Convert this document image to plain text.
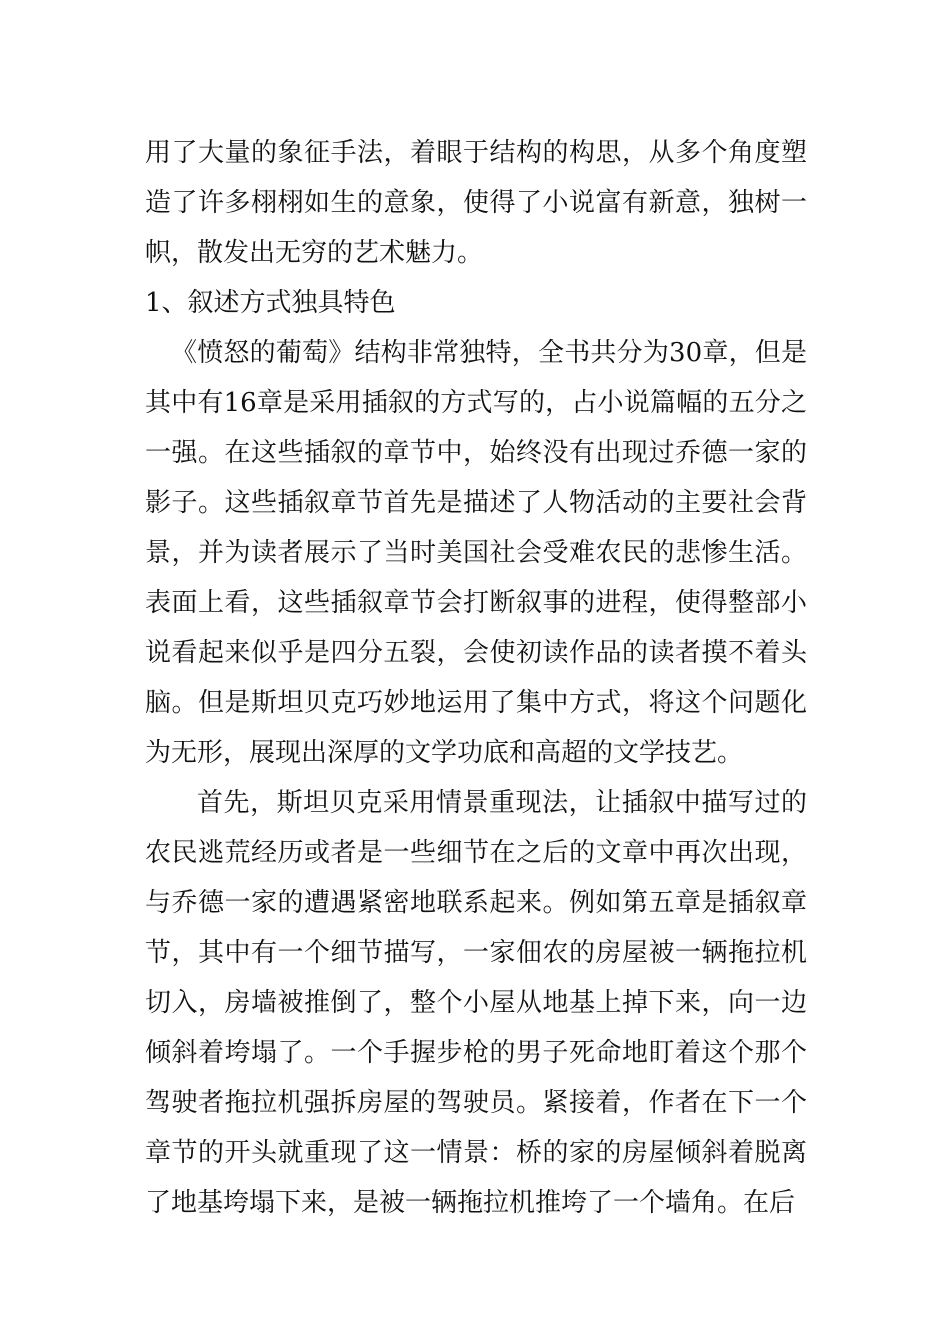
用了大量的象征手法，着眼于结构的构思，从多个角度塑造了许多栩栩如生的意象，使得了小说富有新意，独树一帜，散发出无穷的艺术魅力。

1、叙述方式独具特色

《愤怒的葡萄》结构非常独特，全书共分为30章，但是其中有16章是采用插叙的方式写的，占小说篇幅的五分之一强。在这些插叙的章节中，始终没有出现过乔德一家的影子。这些插叙章节首先是描述了人物活动的主要社会背景，并为读者展示了当时美国社会受难农民的悲惨生活。表面上看，这些插叙章节会打断叙事的进程，使得整部小说看起来似乎是四分五裂，会使初读作品的读者摸不着头脑。但是斯坦贝克巧妙地运用了集中方式，将这个问题化为无形，展现出深厚的文学功底和高超的文学技艺。

首先，斯坦贝克采用情景重现法，让插叙中描写过的农民逃荒经历或者是一些细节在之后的文章中再次出现，与乔德一家的遭遇紧密地联系起来。例如第五章是插叙章节，其中有一个细节描写，一家佃农的房屋被一辆拖拉机切入，房墙被推倒了，整个小屋从地基上掉下来，向一边倾斜着垮塌了。一个手握步枪的男子死命地盯着这个那个驾驶者拖拉机强拆房屋的驾驶员。紧接着，作者在下一个章节的开头就重现了这一情景：桥的家的房屋倾斜着脱离了地基垮塌下来，是被一辆拖拉机推垮了一个墙角。在后
